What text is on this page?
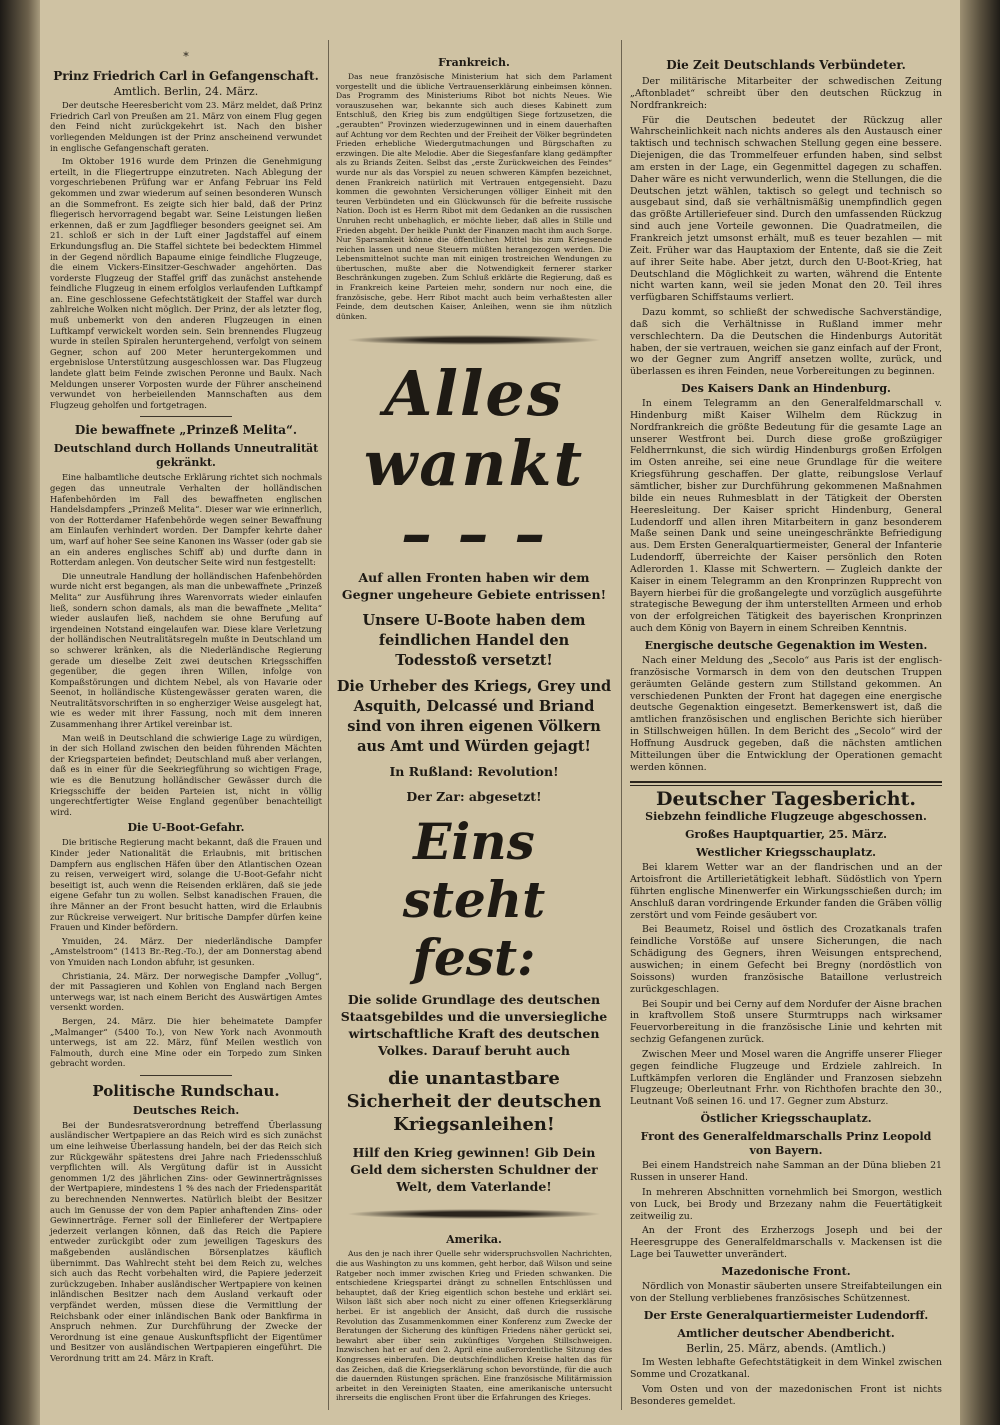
*
Prinz Friedrich Carl in Gefangenschaft.
Amtlich. Berlin, 24. März.

Der deutsche Heeresbericht vom 23. März meldet, daß Prinz Friedrich Carl von Preußen am 21. März von einem Flug gegen den Feind nicht zurückgekehrt ist. Nach den bisher vorliegenden Meldungen ist der Prinz anscheinend verwundet in englische Gefangenschaft geraten.

Im Oktober 1916 wurde dem Prinzen die Genehmigung erteilt, in die Fliegertruppe einzutreten. Nach Ablegung der vorgeschriebenen Prüfung war er Anfang Februar ins Feld gekommen und zwar wiederum auf seinen besonderen Wunsch an die Sommefront. Es zeigte sich hier bald, daß der Prinz fliegerisch hervorragend begabt war. Seine Leistungen ließen erkennen, daß er zum Jagdflieger besonders geeignet sei. Am 21. schloß er sich in der Luft einer Jagdstaffel auf einem Erkundungsflug an. Die Staffel sichtete bei bedecktem Himmel in der Gegend nördlich Bapaume einige feindliche Flugzeuge, die einem Vickers-Einsitzer-Geschwader angehörten. Das vorderste Flugzeug der Staffel griff das zunächst anstehende feindliche Flugzeug in einem erfolglos verlaufenden Luftkampf an. Eine geschlossene Gefechtstätigkeit der Staffel war durch zahlreiche Wolken nicht möglich. Der Prinz, der als letzter flog, muß unbemerkt von den anderen Flugzeugen in einen Luftkampf verwickelt worden sein. Sein brennendes Flugzeug wurde in steilen Spiralen heruntergehend, verfolgt von seinem Gegner, schon auf 200 Meter heruntergekommen und ergebnislose Unterstützung ausgeschlossen war. Das Flugzeug landete glatt beim Feinde zwischen Peronne und Baulx. Nach Meldungen unserer Vorposten wurde der Führer anscheinend verwundet von herbeieilenden Mannschaften aus dem Flugzeug geholfen und fortgetragen.

Die bewaffnete „Prinzeß Melita“.
Deutschland durch Hollands Unneutralität gekränkt.

Eine halbamtliche deutsche Erklärung richtet sich nochmals gegen das unneutrale Verhalten der holländischen Hafenbehörden im Fall des bewaffneten englischen Handelsdampfers „Prinzeß Melita“. Dieser war wie erinnerlich, von der Rotterdamer Hafenbehörde wegen seiner Bewaffnung am Einlaufen verhindert worden. Der Dampfer kehrte daher um, warf auf hoher See seine Kanonen ins Wasser (oder gab sie an ein anderes englisches Schiff ab) und durfte dann in Rotterdam anlegen. Von deutscher Seite wird nun festgestellt:

Die unneutrale Handlung der holländischen Hafenbehörden wurde nicht erst begangen, als man die unbewaffnete „Prinzeß Melita“ zur Ausführung ihres Warenvorrats wieder einlaufen ließ, sondern schon damals, als man die bewaffnete „Melita“ wieder auslaufen ließ, nachdem sie ohne Berufung auf irgendeinen Notstand eingelaufen war. Diese klare Verletzung der holländischen Neutralitätsregeln mußte in Deutschland um so schwerer kränken, als die Niederländische Regierung gerade um dieselbe Zeit zwei deutschen Kriegsschiffen gegenüber, die gegen ihren Willen, infolge von Kompaßstörungen und dichtem Nebel, als von Havarie oder Seenot, in holländische Küstengewässer geraten waren, die Neutralitätsvorschriften in so engherziger Weise ausgelegt hat, wie es weder mit ihrer Fassung, noch mit dem inneren Zusammenhang ihrer Artikel vereinbar ist.

Man weiß in Deutschland die schwierige Lage zu würdigen, in der sich Holland zwischen den beiden führenden Mächten der Kriegsparteien befindet; Deutschland muß aber verlangen, daß es in einer für die Seekriegführung so wichtigen Frage, wie es die Benutzung holländischer Gewässer durch die Kriegsschiffe der beiden Parteien ist, nicht in völlig ungerechtfertigter Weise England gegenüber benachteiligt wird.

Die U-Boot-Gefahr.

Die britische Regierung macht bekannt, daß die Frauen und Kinder jeder Nationalität die Erlaubnis, mit britischen Dampfern aus englischen Häfen über den Atlantischen Ozean zu reisen, verweigert wird, solange die U-Boot-Gefahr nicht beseitigt ist, auch wenn die Reisenden erklären, daß sie jede eigene Gefahr tun zu wollen. Selbst kanadischen Frauen, die ihre Männer an der Front besucht hatten, wird die Erlaubnis zur Rückreise verweigert. Nur britische Dampfer dürfen keine Frauen und Kinder befördern.

Ymuiden, 24. März. Der niederländische Dampfer „Amstelstroom“ (1413 Br.-Reg.-To.), der am Donnerstag abend von Ymuiden nach London abfuhr, ist gesunken.

Christiania, 24. März. Der norwegische Dampfer „Vollug“, der mit Passagieren und Kohlen von England nach Bergen unterwegs war, ist nach einem Bericht des Auswärtigen Amtes versenkt worden.

Bergen, 24. März. Die hier beheimatete Dampfer „Malmanger“ (5400 To.), von New York nach Avonmouth unterwegs, ist am 22. März, fünf Meilen westlich von Falmouth, durch eine Mine oder ein Torpedo zum Sinken gebracht worden.

Politische Rundschau.
Deutsches Reich.

Bei der Bundesratsverordnung betreffend Überlassung ausländischer Wertpapiere an das Reich wird es sich zunächst um eine leihweise Überlassung handeln, bei der das Reich sich zur Rückgewähr spätestens drei Jahre nach Friedensschluß verpflichten will. Als Vergütung dafür ist in Aussicht genommen 1/2 des jährlichen Zins- oder Gewinnerträgnisses der Wertpapiere, mindestens 1 % des nach der Friedensparität zu berechnenden Nennwertes. Natürlich bleibt der Besitzer auch im Genusse der von dem Papier anhaftenden Zins- oder Gewinnerträge. Ferner soll der Einlieferer der Wertpapiere jederzeit verlangen können, daß das Reich die Papiere entweder zurückgibt oder zum jeweiligen Tageskurs des maßgebenden ausländischen Börsenplatzes käuflich übernimmt. Das Wahlrecht steht bei dem Reich zu, welches sich auch das Recht vorbehalten wird, die Papiere jederzeit zurückzugeben. Inhaber ausländischer Wertpapiere von keinen inländischen Besitzer nach dem Ausland verkauft oder verpfändet werden, müssen diese die Vermittlung der Reichsbank oder einer inländischen Bank oder Bankfirma in Anspruch nehmen. Zur Durchführung der Zwecke der Verordnung ist eine genaue Auskunftspflicht der Eigentümer und Besitzer von ausländischen Wertpapieren eingeführt. Die Verordnung tritt am 24. März in Kraft.

Frankreich.

Das neue französische Ministerium hat sich dem Parlament vorgestellt und die übliche Vertrauenserklärung einbeimsen können. Das Programm des Ministeriums Ribot bot nichts Neues. Wie vorauszusehen war, bekannte sich auch dieses Kabinett zum Entschluß, den Krieg bis zum endgültigen Siege fortzusetzen, die „geraubten“ Provinzen wiederzugewinnen und in einem dauerhaften auf Achtung vor dem Rechten und der Freiheit der Völker begründeten Frieden erhebliche Wiedergutmachungen und Bürgschaften zu erzwingen. Die alte Melodie. Aber die Siegesfanfare klang gedämpfter als zu Briands Zeiten. Selbst das „erste Zurückweichen des Feindes“ wurde nur als das Vorspiel zu neuen schweren Kämpfen bezeichnet, denen Frankreich natürlich mit Vertrauen entgegensieht. Dazu kommen die gewohnten Versicherungen völliger Einheit mit den teuren Verbündeten und ein Glückwunsch für die befreite russische Nation. Doch ist es Herrn Ribot mit dem Gedanken an die russischen Unruhen recht unbehaglich, er möchte lieber, daß alles in Stille und Frieden abgeht. Der heikle Punkt der Finanzen macht ihm auch Sorge. Nur Sparsamkeit könne die öffentlichen Mittel bis zum Kriegsende reichen lassen und neue Steuern müßten herangezogen werden. Die Lebensmittelnot suchte man mit einigen trostreichen Wendungen zu übertuschen, mußte aber die Notwendigkeit fernerer starker Beschränkungen zugeben. Zum Schluß erklärte die Regierung, daß es in Frankreich keine Parteien mehr, sondern nur noch eine, die französische, gebe. Herr Ribot macht auch beim verhaßtesten aller Feinde, dem deutschen Kaiser, Anleihen, wenn sie ihm nützlich dünken.

Alles
wankt – – –
Auf allen Fronten haben wir dem Gegner ungeheure Gebiete entrissen!
Unsere U-Boote haben dem feindlichen Handel den Todesstoß versetzt!
Die Urheber des Kriegs, Grey und Asquith, Delcassé und Briand sind von ihren eigenen Völkern aus Amt und Würden gejagt!
In Rußland: Revolution!
Der Zar: abgesetzt!
Eins steht fest:
Die solide Grundlage des deutschen Staatsgebildes und die unversiegliche wirtschaftliche Kraft des deutschen Volkes. Darauf beruht auch
die unantastbare Sicherheit der deutschen Kriegsanleihen!
Hilf den Krieg gewinnen! Gib Dein Geld dem sichersten Schuldner der Welt, dem Vaterlande!
Amerika.

Aus den je nach ihrer Quelle sehr widerspruchsvollen Nachrichten, die aus Washington zu uns kommen, geht herbor, daß Wilson und seine Ratgeber noch immer zwischen Krieg und Frieden schwanken. Die entschiedene Kriegspartei drängt zu schnellen Entschlüssen und behauptet, daß der Krieg eigentlich schon bestehe und erklärt sei. Wilson läßt sich aber noch nicht zu einer offenen Kriegserklärung herbei. Er ist angeblich der Ansicht, daß durch die russische Revolution das Zusammenkommen einer Konferenz zum Zwecke der Beratungen der Sicherung des künftigen Friedens näher gerückt sei, bewahrt aber über sein zukünftiges Vorgehen Stillschweigen. Inzwischen hat er auf den 2. April eine außerordentliche Sitzung des Kongresses einberufen. Die deutschfeindlichen Kreise halten das für das Zeichen, daß die Kriegserklärung schon bevorstünde, für die auch die dauernden Rüstungen sprächen. Eine französische Militärmission arbeitet in den Vereinigten Staaten, eine amerikanische untersucht ihrerseits die englischen Front über die Erfahrungen des Krieges.

Die Zeit Deutschlands Verbündeter.

Der militärische Mitarbeiter der schwedischen Zeitung „Aftonbladet“ schreibt über den deutschen Rückzug in Nordfrankreich:

Für die Deutschen bedeutet der Rückzug aller Wahrscheinlichkeit nach nichts anderes als den Austausch einer taktisch und technisch schwachen Stellung gegen eine bessere. Diejenigen, die das Trommelfeuer erfunden haben, sind selbst am ersten in der Lage, ein Gegenmittel dagegen zu schaffen. Daher wäre es nicht verwunderlich, wenn die Stellungen, die die Deutschen jetzt wählen, taktisch so gelegt und technisch so ausgebaut sind, daß sie verhältnismäßig unempfindlich gegen das größte Artilleriefeuer sind. Durch den umfassenden Rückzug sind auch jene Vorteile gewonnen. Die Quadratmeilen, die Frankreich jetzt umsonst erhält, muß es teuer bezahlen — mit Zeit. Früher war das Hauptaxiom der Entente, daß sie die Zeit auf ihrer Seite habe. Aber jetzt, durch den U-Boot-Krieg, hat Deutschland die Möglichkeit zu warten, während die Entente nicht warten kann, weil sie jeden Monat den 20. Teil ihres verfügbaren Schiffstaums verliert.

Dazu kommt, so schließt der schwedische Sachverständige, daß sich die Verhältnisse in Rußland immer mehr verschlechtern. Da die Deutschen die Hindenburgs Autorität haben, der sie vertrauen, weichen sie ganz einfach auf der Front, wo der Gegner zum Angriff ansetzen wollte, zurück, und überlassen es ihren Feinden, neue Vorbereitungen zu beginnen.

Des Kaisers Dank an Hindenburg.

In einem Telegramm an den Generalfeldmarschall v. Hindenburg mißt Kaiser Wilhelm dem Rückzug in Nordfrankreich die größte Bedeutung für die gesamte Lage an unserer Westfront bei. Durch diese große großzügiger Feldherrnkunst, die sich würdig Hindenburgs großen Erfolgen im Osten anreihe, sei eine neue Grundlage für die weitere Kriegsführung geschaffen. Der glatte, reibungslose Verlauf sämtlicher, bisher zur Durchführung gekommenen Maßnahmen bilde ein neues Ruhmesblatt in der Tätigkeit der Obersten Heeresleitung. Der Kaiser spricht Hindenburg, General Ludendorff und allen ihren Mitarbeitern in ganz besonderem Maße seinen Dank und seine uneingeschränkte Befriedigung aus. Dem Ersten Generalquartiermeister, General der Infanterie Ludendorff, überreichte der Kaiser persönlich den Roten Adlerorden 1. Klasse mit Schwertern. — Zugleich dankte der Kaiser in einem Telegramm an den Kronprinzen Rupprecht von Bayern hierbei für die großangelegte und vorzüglich ausgeführte strategische Bewegung der ihm unterstellten Armeen und erhob von der erfolgreichen Tätigkeit des bayerischen Kronprinzen auch dem König von Bayern in einem Schreiben Kenntnis.

Energische deutsche Gegenaktion im Westen.

Nach einer Meldung des „Secolo“ aus Paris ist der englisch-französische Vormarsch in dem von den deutschen Truppen geräumten Gelände gestern zum Stillstand gekommen. An verschiedenen Punkten der Front hat dagegen eine energische deutsche Gegenaktion eingesetzt. Bemerkenswert ist, daß die amtlichen französischen und englischen Berichte sich hierüber in Stillschweigen hüllen. In dem Bericht des „Secolo“ wird der Hoffnung Ausdruck gegeben, daß die nächsten amtlichen Mitteilungen über die Entwicklung der Operationen gemacht werden können.

Deutscher Tagesbericht.
Siebzehn feindliche Flugzeuge abgeschossen.
Großes Hauptquartier, 25. März.
Westlicher Kriegsschauplatz.

Bei klarem Wetter war an der flandrischen und an der Artoisfront die Artillerietätigkeit lebhaft. Südöstlich von Ypern führten englische Minenwerfer ein Wirkungsschießen durch; im Anschluß daran vordringende Erkunder fanden die Gräben völlig zerstört und vom Feinde gesäubert vor.

Bei Beaumetz, Roisel und östlich des Crozatkanals trafen feindliche Vorstöße auf unsere Sicherungen, die nach Schädigung des Gegners, ihren Weisungen entsprechend, auswichen; in einem Gefecht bei Bregny (nordöstlich von Soissons) wurden französische Bataillone verlustreich zurückgeschlagen.

Bei Soupir und bei Cerny auf dem Nordufer der Aisne brachen in kraftvollem Stoß unsere Sturmtrupps nach wirksamer Feuervorbereitung in die französische Linie und kehrten mit sechzig Gefangenen zurück.

Zwischen Meer und Mosel waren die Angriffe unserer Flieger gegen feindliche Flugzeuge und Erdziele zahlreich. In Luftkämpfen verloren die Engländer und Franzosen siebzehn Flugzeuge; Oberleutnant Frhr. von Richthofen brachte den 30., Leutnant Voß seinen 16. und 17. Gegner zum Absturz.

Östlicher Kriegsschauplatz.
Front des Generalfeldmarschalls Prinz Leopold von Bayern.

Bei einem Handstreich nahe Samman an der Düna blieben 21 Russen in unserer Hand.

In mehreren Abschnitten vornehmlich bei Smorgon, westlich von Luck, bei Brody und Brzezany nahm die Feuertätigkeit zeitweilig zu.

An der Front des Erzherzogs Joseph und bei der Heeresgruppe des Generalfeldmarschalls v. Mackensen ist die Lage bei Tauwetter unverändert.

Mazedonische Front.

Nördlich von Monastir säuberten unsere Streifabteilungen ein von der Stellung verbliebenes französisches Schützennest.

Der Erste Generalquartiermeister Ludendorff.
Amtlicher deutscher Abendbericht.
Berlin, 25. März, abends. (Amtlich.)

Im Westen lebhafte Gefechtstätigkeit in dem Winkel zwischen Somme und Crozatkanal.

Vom Osten und von der mazedonischen Front ist nichts Besonderes gemeldet.
